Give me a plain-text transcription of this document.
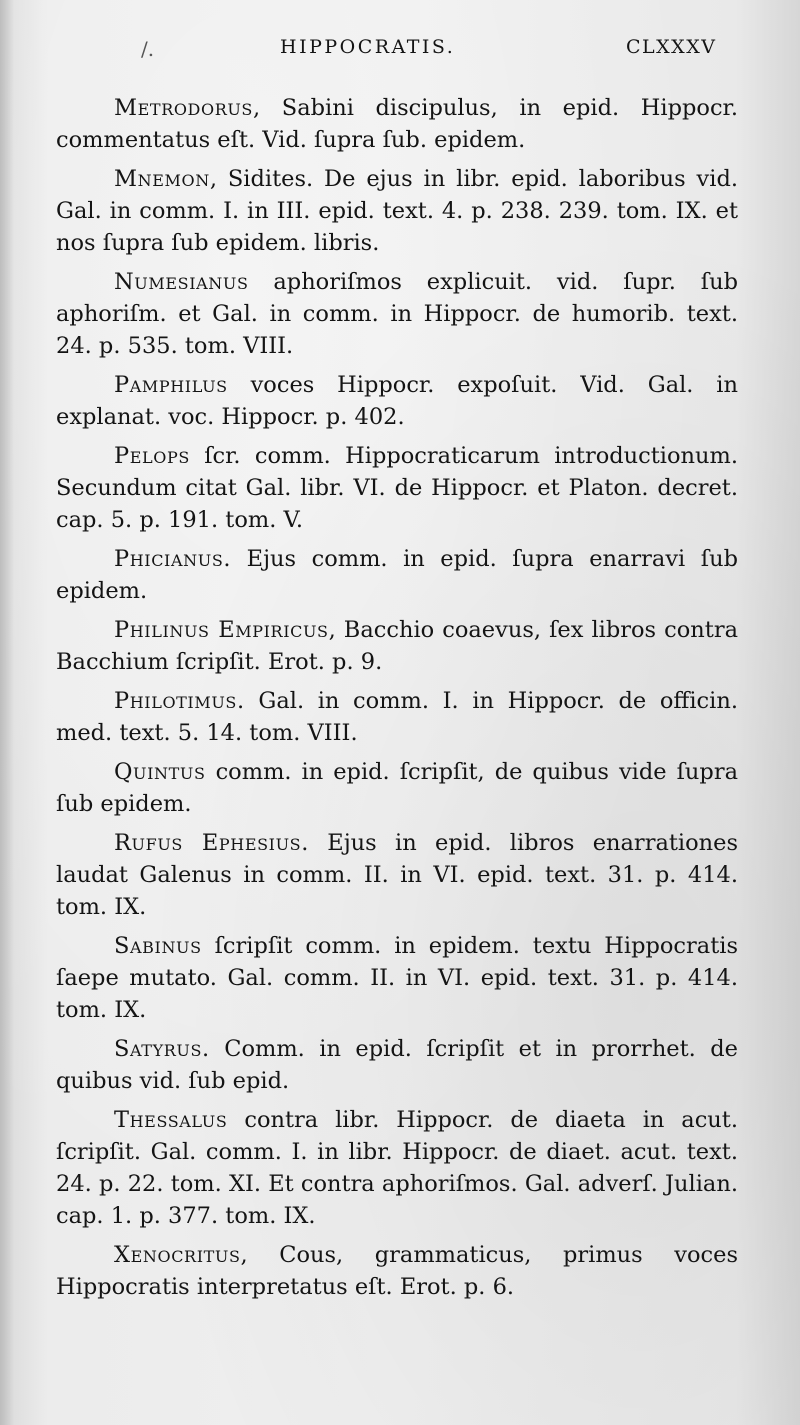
/.	HIPPOCRATIS.	CLXXXV

Metrodorus, Sabini discipulus, in epid. Hippocr. commentatus eſt. Vid. ſupra ſub. epidem.

Mnemon, Sidites. De ejus in libr. epid. laboribus vid. Gal. in comm. I. in III. epid. text. 4. p. 238. 239. tom. IX. et nos ſupra ſub epidem. libris.

Numesianus aphoriſmos explicuit. vid. ſupr. ſub aphoriſm. et Gal. in comm. in Hippocr. de humorib. text. 24. p. 535. tom. VIII.

Pamphilus voces Hippocr. expoſuit. Vid. Gal. in explanat. voc. Hippocr. p. 402.

Pelops ſcr. comm. Hippocraticarum introductionum. Secundum citat Gal. libr. VI. de Hippocr. et Platon. decret. cap. 5. p. 191. tom. V.

Phicianus. Ejus comm. in epid. ſupra enarravi ſub epidem.

Philinus Empiricus, Bacchio coaevus, ſex libros contra Bacchium ſcripſit. Erot. p. 9.

Philotimus. Gal. in comm. I. in Hippocr. de officin. med. text. 5. 14. tom. VIII.

Quintus comm. in epid. ſcripſit, de quibus vide ſupra ſub epidem.

Rufus Ephesius. Ejus in epid. libros enarrationes laudat Galenus in comm. II. in VI. epid. text. 31. p. 414. tom. IX.

Sabinus ſcripſit comm. in epidem. textu Hippocratis ſaepe mutato. Gal. comm. II. in VI. epid. text. 31. p. 414. tom. IX.

Satyrus. Comm. in epid. ſcripſit et in prorrhet. de quibus vid. ſub epid.

Thessalus contra libr. Hippocr. de diaeta in acut. ſcripſit. Gal. comm. I. in libr. Hippocr. de diaet. acut. text. 24. p. 22. tom. XI. Et contra aphoriſmos. Gal. adverſ. Julian. cap. 1. p. 377. tom. IX.

Xenocritus, Cous, grammaticus, primus voces Hippocratis interpretatus eſt. Erot. p. 6.
